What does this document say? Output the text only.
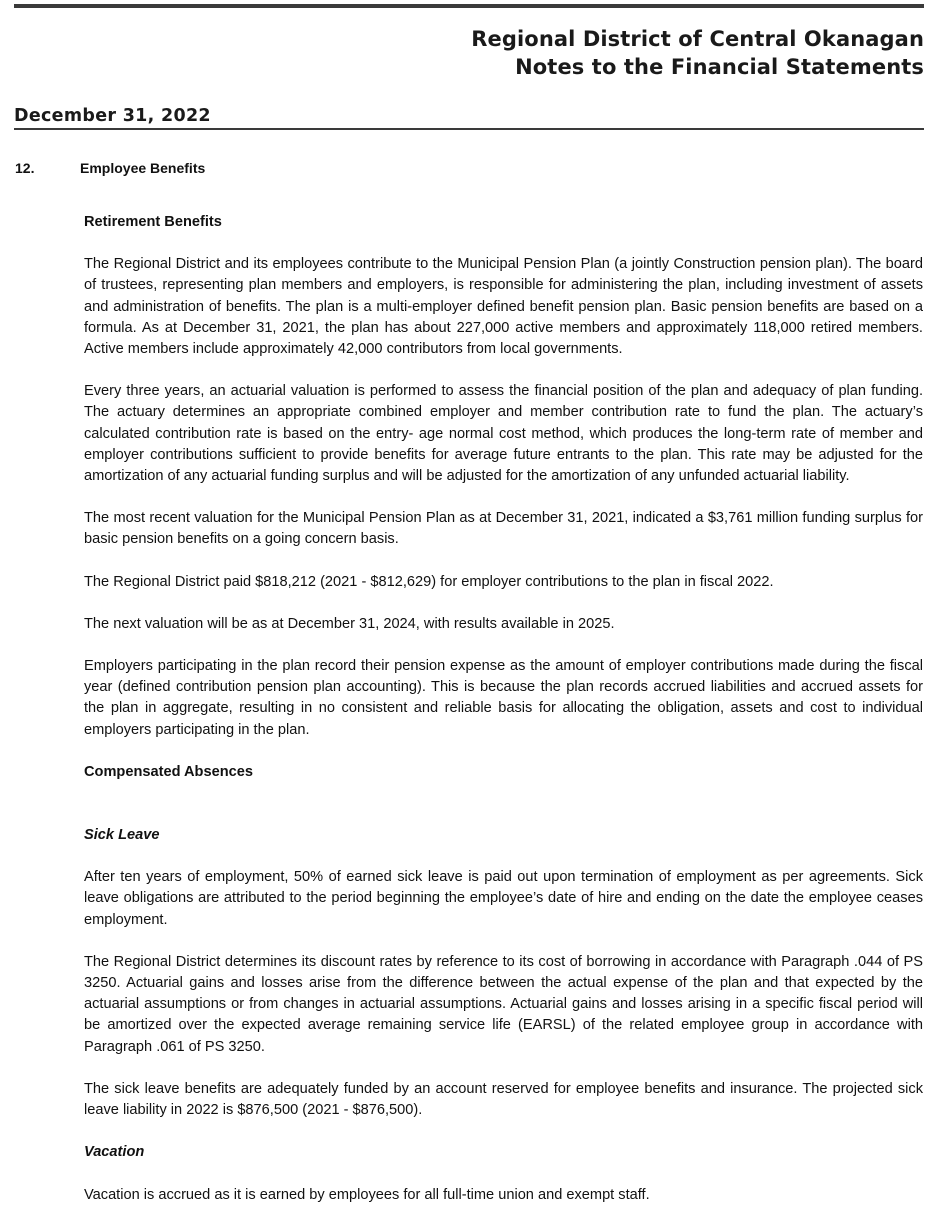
Regional District of Central Okanagan
Notes to the Financial Statements
December 31, 2022
12.	Employee Benefits

Retirement Benefits

The Regional District and its employees contribute to the Municipal Pension Plan (a jointly Construction pension plan). The board of trustees, representing plan members and employers, is responsible for administering the plan, including investment of assets and administration of benefits. The plan is a multi-employer defined benefit pension plan. Basic pension benefits are based on a formula. As at December 31, 2021, the plan has about 227,000 active members and approximately 118,000 retired members. Active members include approximately 42,000 contributors from local governments.

Every three years, an actuarial valuation is performed to assess the financial position of the plan and adequacy of plan funding. The actuary determines an appropriate combined employer and member contribution rate to fund the plan. The actuary’s calculated contribution rate is based on the entry- age normal cost method, which produces the long-term rate of member and employer contributions sufficient to provide benefits for average future entrants to the plan. This rate may be adjusted for the amortization of any actuarial funding surplus and will be adjusted for the amortization of any unfunded actuarial liability.

The most recent valuation for the Municipal Pension Plan as at December 31, 2021, indicated a $3,761 million funding surplus for basic pension benefits on a going concern basis.

The Regional District paid $818,212 (2021 - $812,629) for employer contributions to the plan in fiscal 2022.

The next valuation will be as at December 31, 2024, with results available in 2025.

Employers participating in the plan record their pension expense as the amount of employer contributions made during the fiscal year (defined contribution pension plan accounting). This is because the plan records accrued liabilities and accrued assets for the plan in aggregate, resulting in no consistent and reliable basis for allocating the obligation, assets and cost to individual employers participating in the plan.

Compensated Absences

Sick Leave

After ten years of employment, 50% of earned sick leave is paid out upon termination of employment as per agreements. Sick leave obligations are attributed to the period beginning the employee’s date of hire and ending on the date the employee ceases employment.

The Regional District determines its discount rates by reference to its cost of borrowing in accordance with Paragraph .044 of PS 3250. Actuarial gains and losses arise from the difference between the actual expense of the plan and that expected by the actuarial assumptions or from changes in actuarial assumptions. Actuarial gains and losses arising in a specific fiscal period will be amortized over the expected average remaining service life (EARSL) of the related employee group in accordance with Paragraph .061 of PS 3250.

The sick leave benefits are adequately funded by an account reserved for employee benefits and insurance. The projected sick leave liability in 2022 is $876,500 (2021 - $876,500).

Vacation

Vacation is accrued as it is earned by employees for all full-time union and exempt staff.
